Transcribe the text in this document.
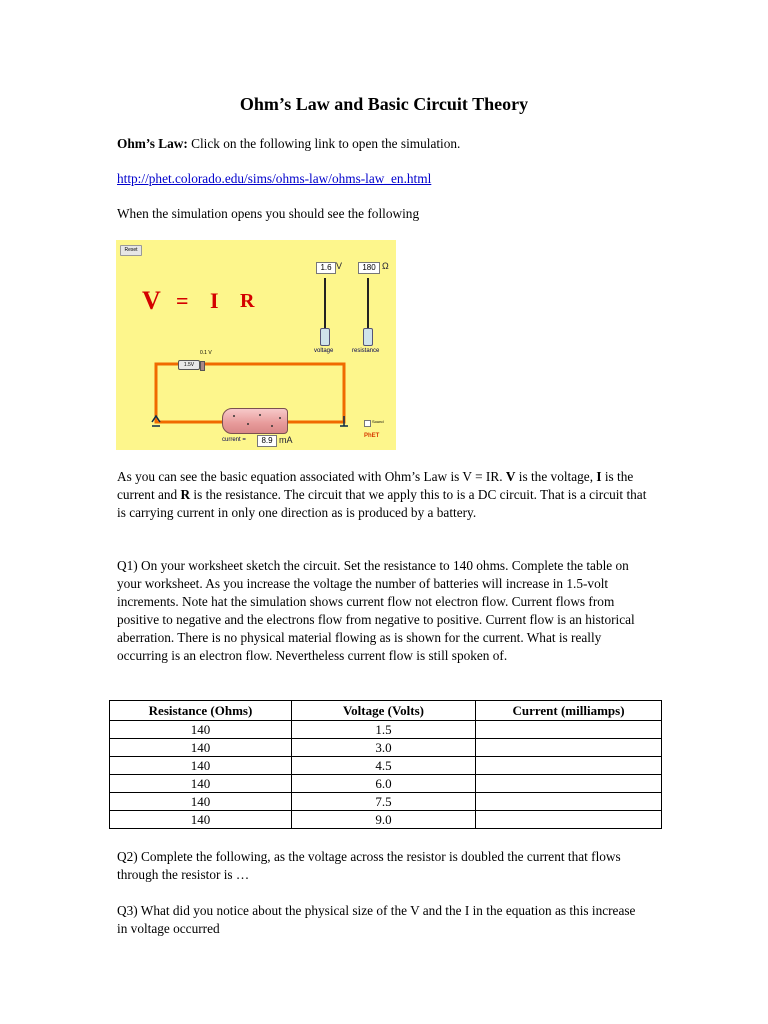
Ohm’s Law and Basic Circuit Theory
Ohm’s Law: Click on the following link to open the simulation.
http://phet.colorado.edu/sims/ohms-law/ohms-law_en.html
When the simulation opens you should see the following
Reset
V = I R
1.6 V	180 Ω
voltage	resistance
0.1 V
1.5V
current =	8.9 mA
Sound
PhET
As you can see the basic equation associated with Ohm’s Law is V = IR. V is the voltage, I is the current and R is the resistance. The circuit that we apply this to is a DC circuit. That is a circuit that is carrying current in only one direction as is produced by a battery.
Q1) On your worksheet sketch the circuit. Set the resistance to 140 ohms. Complete the table on your worksheet. As you increase the voltage the number of batteries will increase in 1.5-volt increments. Note hat the simulation shows current flow not electron flow. Current flows from positive to negative and the electrons flow from negative to positive. Current flow is an historical aberration. There is no physical material flowing as is shown for the current. What is really occurring is an electron flow. Nevertheless current flow is still spoken of.
Resistance (Ohms)	Voltage (Volts)	Current (milliamps)
140	1.5	
140	3.0	
140	4.5	
140	6.0	
140	7.5	
140	9.0	
Q2) Complete the following, as the voltage across the resistor is doubled the current that flows through the resistor is …
Q3) What did you notice about the physical size of the V and the I in the equation as this increase in voltage occurred
